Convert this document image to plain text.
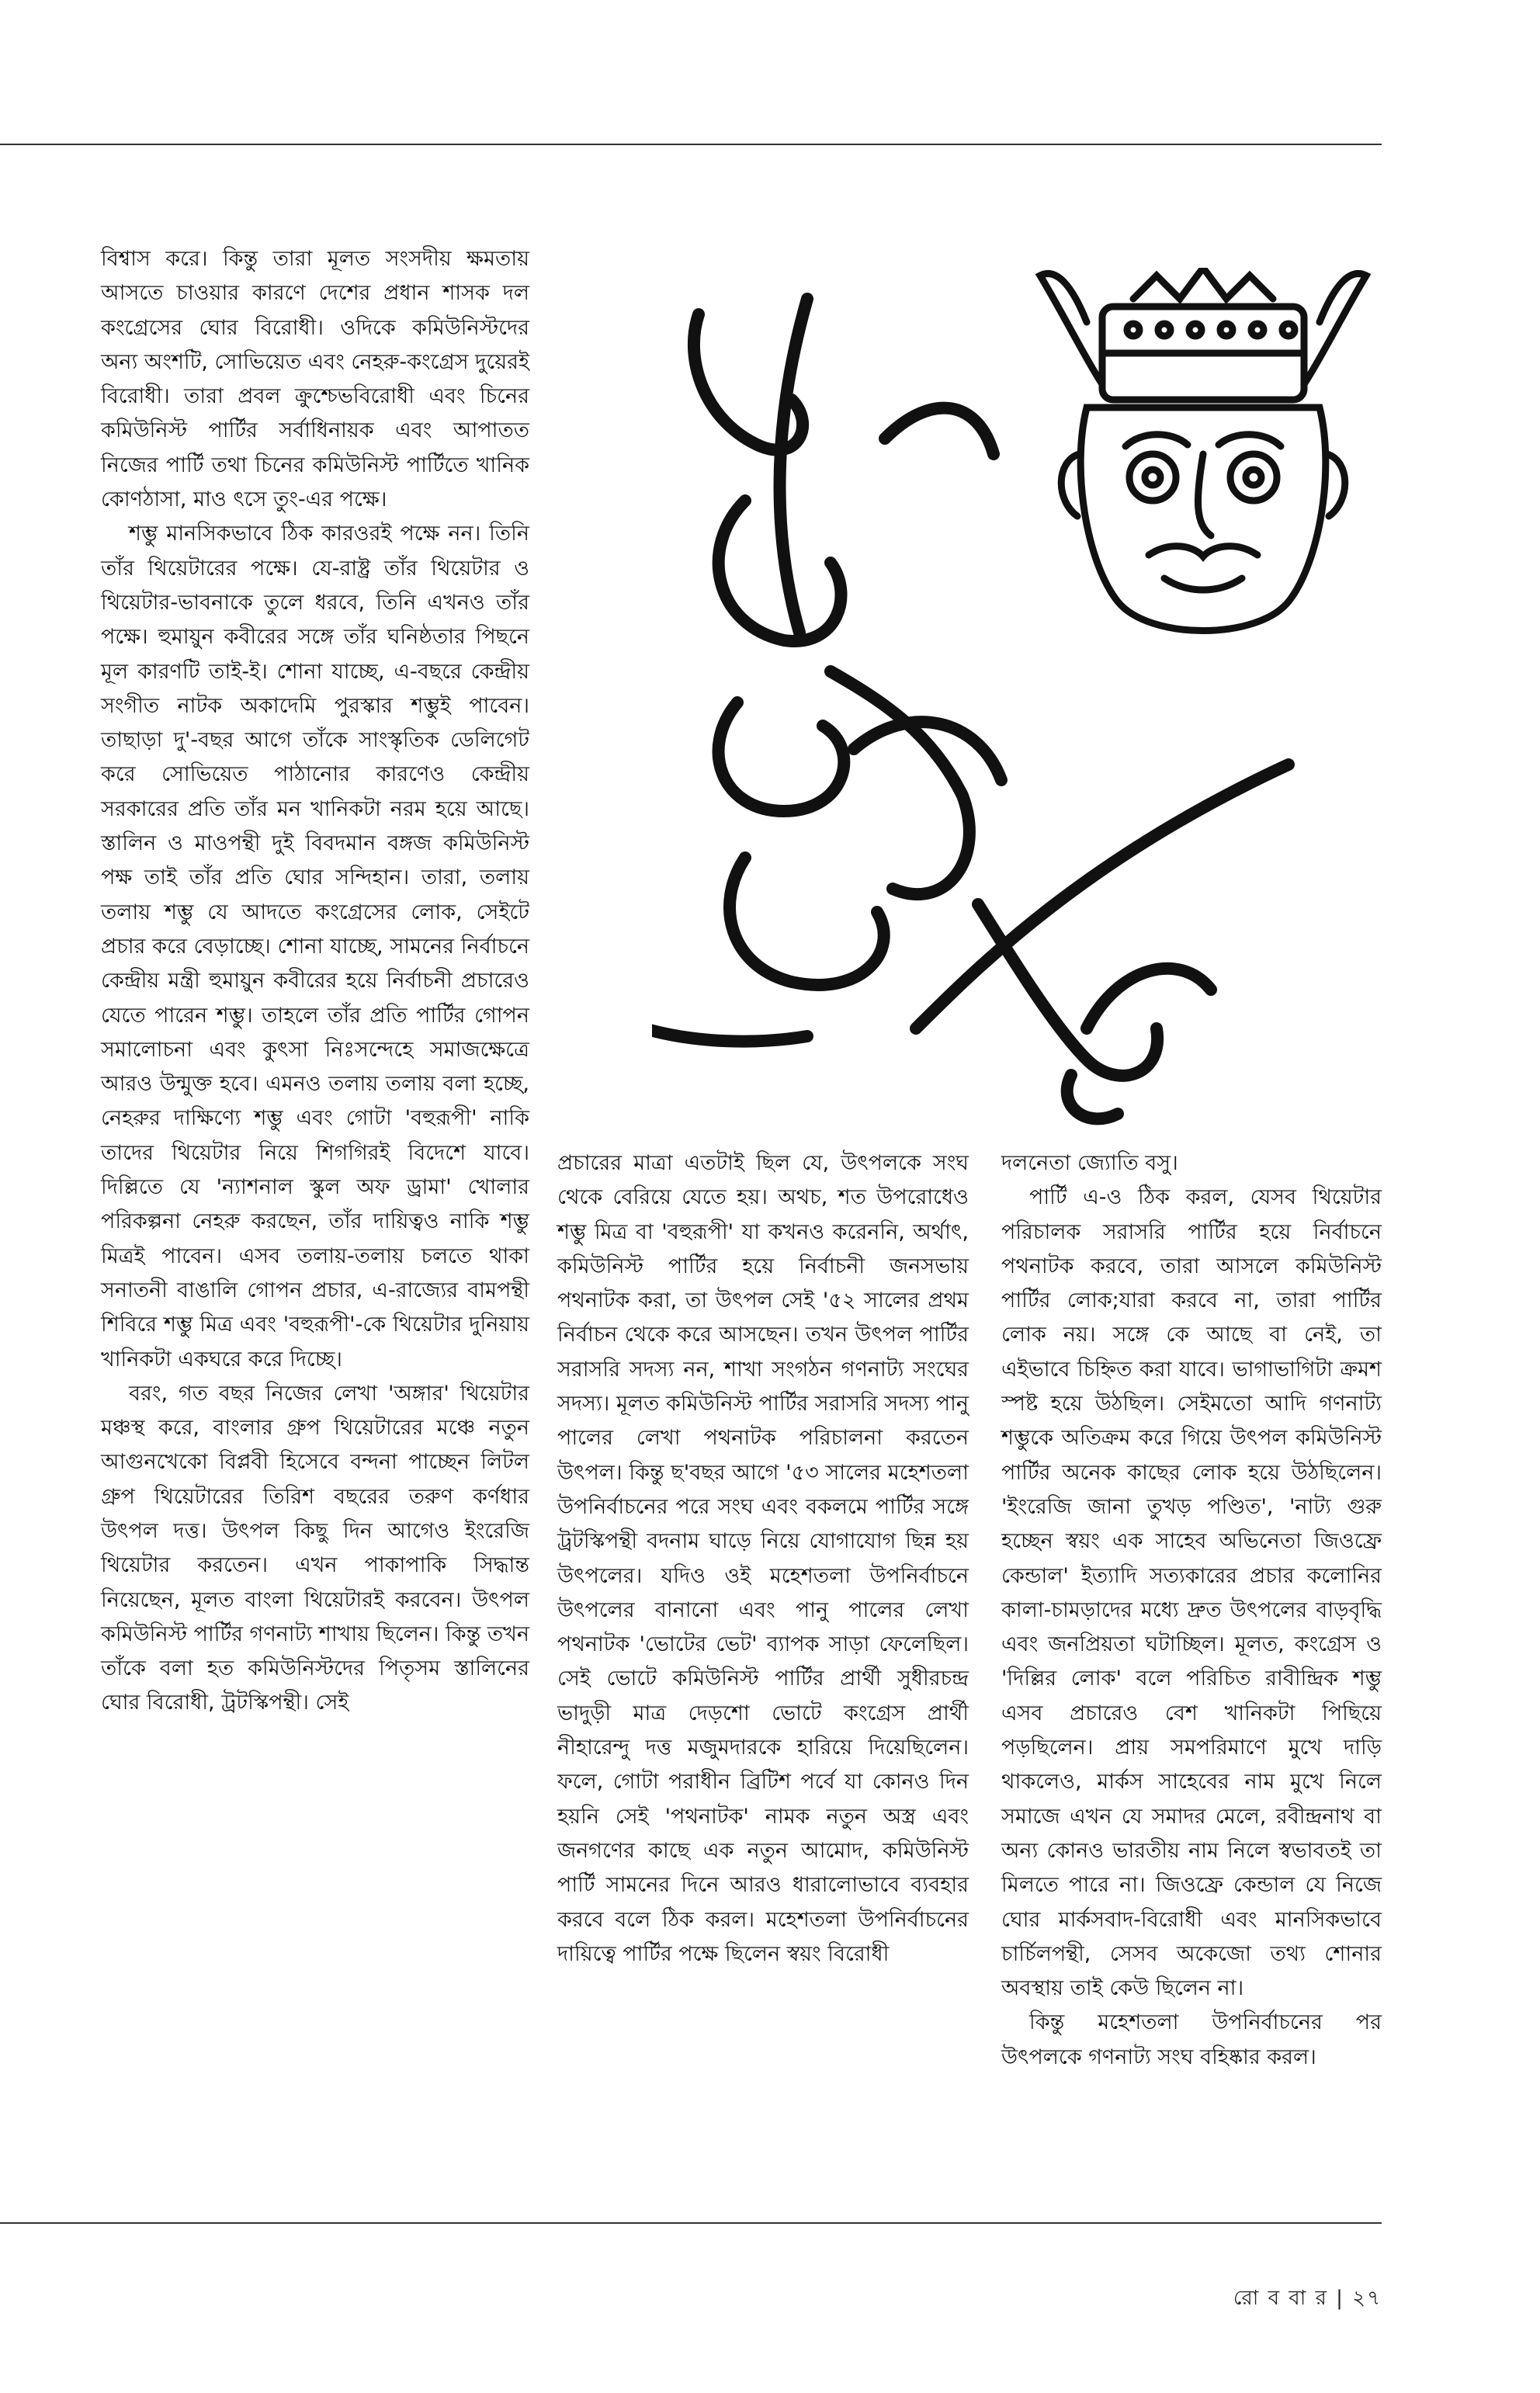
বিশ্বাস করে। কিন্তু তারা মূলত সংসদীয় ক্ষমতায় আসতে চাওয়ার কারণে দেশের প্রধান শাসক দল কংগ্রেসের ঘোর বিরোধী। ওদিকে কমিউনিস্টদের অন্য অংশটি, সোভিয়েত এবং নেহরু-কংগ্রেস দুয়েরই বিরোধী। তারা প্রবল ক্রুশ্চেভবিরোধী এবং চিনের কমিউনিস্ট পার্টির সর্বাধিনায়ক এবং আপাতত নিজের পার্টি তথা চিনের কমিউনিস্ট পার্টিতে খানিক কোণঠাসা, মাও ৎসে তুং-এর পক্ষে।

শম্ভু মানসিকভাবে ঠিক কারওরই পক্ষে নন। তিনি তাঁর থিয়েটারের পক্ষে। যে-রাষ্ট্র তাঁর থিয়েটার ও থিয়েটার-ভাবনাকে তুলে ধরবে, তিনি এখনও তাঁর পক্ষে। হুমায়ুন কবীরের সঙ্গে তাঁর ঘনিষ্ঠতার পিছনে মূল কারণটি তাই-ই। শোনা যাচ্ছে, এ-বছরে কেন্দ্রীয় সংগীত নাটক অকাদেমি পুরস্কার শম্ভুই পাবেন। তাছাড়া দু'-বছর আগে তাঁকে সাংস্কৃতিক ডেলিগেট করে সোভিয়েত পাঠানোর কারণেও কেন্দ্রীয় সরকারের প্রতি তাঁর মন খানিকটা নরম হয়ে আছে। স্তালিন ও মাওপন্থী দুই বিবদমান বঙ্গজ কমিউনিস্ট পক্ষ তাই তাঁর প্রতি ঘোর সন্দিহান। তারা, তলায় তলায় শম্ভু যে আদতে কংগ্রেসের লোক, সেইটে প্রচার করে বেড়াচ্ছে। শোনা যাচ্ছে, সামনের নির্বাচনে কেন্দ্রীয় মন্ত্রী হুমায়ুন কবীরের হয়ে নির্বাচনী প্রচারেও যেতে পারেন শম্ভু। তাহলে তাঁর প্রতি পার্টির গোপন সমালোচনা এবং কুৎসা নিঃসন্দেহে সমাজক্ষেত্রে আরও উন্মুক্ত হবে। এমনও তলায় তলায় বলা হচ্ছে, নেহরুর দাক্ষিণ্যে শম্ভু এবং গোটা 'বহুরূপী' নাকি তাদের থিয়েটার নিয়ে শিগগিরই বিদেশে যাবে। দিল্লিতে যে 'ন্যাশনাল স্কুল অফ ড্রামা' খোলার পরিকল্পনা নেহরু করছেন, তাঁর দায়িত্বও নাকি শম্ভু মিত্রই পাবেন। এসব তলায়-তলায় চলতে থাকা সনাতনী বাঙালি গোপন প্রচার, এ-রাজ্যের বামপন্থী শিবিরে শম্ভু মিত্র এবং 'বহুরূপী'-কে থিয়েটার দুনিয়ায় খানিকটা একঘরে করে দিচ্ছে।

বরং, গত বছর নিজের লেখা 'অঙ্গার' থিয়েটার মঞ্চস্থ করে, বাংলার গ্রুপ থিয়েটারের মঞ্চে নতুন আগুনখেকো বিপ্লবী হিসেবে বন্দনা পাচ্ছেন লিটল গ্রুপ থিয়েটারের তিরিশ বছরের তরুণ কর্ণধার উৎপল দত্ত। উৎপল কিছু দিন আগেও ইংরেজি থিয়েটার করতেন। এখন পাকাপাকি সিদ্ধান্ত নিয়েছেন, মূলত বাংলা থিয়েটারই করবেন। উৎপল কমিউনিস্ট পার্টির গণনাট্য শাখায় ছিলেন। কিন্তু তখন তাঁকে বলা হত কমিউনিস্টদের পিতৃসম স্তালিনের ঘোর বিরোধী, ট্রটস্কিপন্থী। সেই

প্রচারের মাত্রা এতটাই ছিল যে, উৎপলকে সংঘ থেকে বেরিয়ে যেতে হয়। অথচ, শত উপরোধেও শম্ভু মিত্র বা 'বহুরূপী' যা কখনও করেননি, অর্থাৎ, কমিউনিস্ট পার্টির হয়ে নির্বাচনী জনসভায় পথনাটক করা, তা উৎপল সেই '৫২ সালের প্রথম নির্বাচন থেকে করে আসছেন। তখন উৎপল পার্টির সরাসরি সদস্য নন, শাখা সংগঠন গণনাট্য সংঘের সদস্য। মূলত কমিউনিস্ট পার্টির সরাসরি সদস্য পানু পালের লেখা পথনাটক পরিচালনা করতেন উৎপল। কিন্তু ছ'বছর আগে '৫৩ সালের মহেশতলা উপনির্বাচনের পরে সংঘ এবং বকলমে পার্টির সঙ্গে ট্রটস্কিপন্থী বদনাম ঘাড়ে নিয়ে যোগাযোগ ছিন্ন হয় উৎপলের। যদিও ওই মহেশতলা উপনির্বাচনে উৎপলের বানানো এবং পানু পালের লেখা পথনাটক 'ভোটের ভেট' ব্যাপক সাড়া ফেলেছিল। সেই ভোটে কমিউনিস্ট পার্টির প্রার্থী সুধীরচন্দ্র ভাদুড়ী মাত্র দেড়শো ভোটে কংগ্রেস প্রার্থী নীহারেন্দু দত্ত মজুমদারকে হারিয়ে দিয়েছিলেন। ফলে, গোটা পরাধীন ব্রিটিশ পর্বে যা কোনও দিন হয়নি সেই 'পথনাটক' নামক নতুন অস্ত্র এবং জনগণের কাছে এক নতুন আমোদ, কমিউনিস্ট পার্টি সামনের দিনে আরও ধারালোভাবে ব্যবহার করবে বলে ঠিক করল। মহেশতলা উপনির্বাচনের দায়িত্বে পার্টির পক্ষে ছিলেন স্বয়ং বিরোধী

দলনেতা জ্যোতি বসু।

পার্টি এ-ও ঠিক করল, যেসব থিয়েটার পরিচালক সরাসরি পার্টির হয়ে নির্বাচনে পথনাটক করবে, তারা আসলে কমিউনিস্ট পার্টির লোক;যারা করবে না, তারা পার্টির লোক নয়। সঙ্গে কে আছে বা নেই, তা এইভাবে চিহ্নিত করা যাবে। ভাগাভাগিটা ক্রমশ স্পষ্ট হয়ে উঠছিল। সেইমতো আদি গণনাট্য শম্ভুকে অতিক্রম করে গিয়ে উৎপল কমিউনিস্ট পার্টির অনেক কাছের লোক হয়ে উঠছিলেন। 'ইংরেজি জানা তুখড় পণ্ডিত', 'নাট্য গুরু হচ্ছেন স্বয়ং এক সাহেব অভিনেতা জিওফ্রে কেন্ডাল' ইত্যাদি সত্যকারের প্রচার কলোনির কালা-চামড়াদের মধ্যে দ্রুত উৎপলের বাড়বৃদ্ধি এবং জনপ্রিয়তা ঘটাচ্ছিল। মূলত, কংগ্রেস ও 'দিল্লির লোক' বলে পরিচিত রাবীন্দ্রিক শম্ভু এসব প্রচারেও বেশ খানিকটা পিছিয়ে পড়ছিলেন। প্রায় সমপরিমাণে মুখে দাড়ি থাকলেও, মার্কস সাহেবের নাম মুখে নিলে সমাজে এখন যে সমাদর মেলে, রবীন্দ্রনাথ বা অন্য কোনও ভারতীয় নাম নিলে স্বভাবতই তা মিলতে পারে না। জিওফ্রে কেন্ডাল যে নিজে ঘোর মার্কসবাদ-বিরোধী এবং মানসিকভাবে চার্চিলপন্থী, সেসব অকেজো তথ্য শোনার অবস্থায় তাই কেউ ছিলেন না।

কিন্তু মহেশতলা উপনির্বাচনের পর উৎপলকে গণনাট্য সংঘ বহিষ্কার করল।

রো ব বা র | ২৭
